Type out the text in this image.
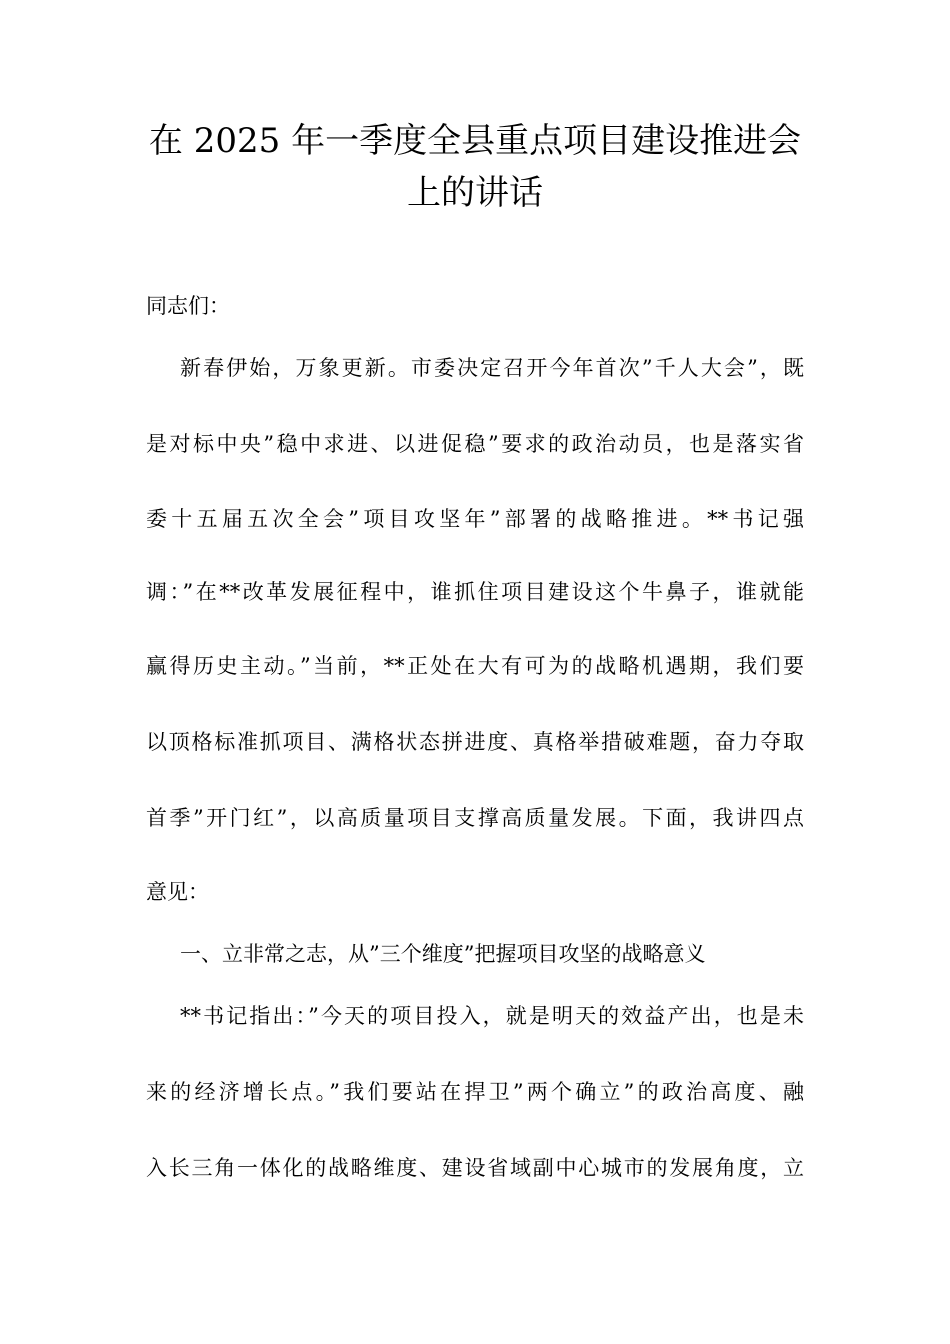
在 2025 年一季度全县重点项目建设推进会
上的讲话
同志们：
新春伊始，万象更新。市委决定召开今年首次”千人大会”，既
是对标中央”稳中求进、以进促稳”要求的政治动员，也是落实省
委十五届五次全会”项目攻坚年”部署的战略推进。**书记强
调：”在**改革发展征程中，谁抓住项目建设这个牛鼻子，谁就能
赢得历史主动。”当前，**正处在大有可为的战略机遇期，我们要
以顶格标准抓项目、满格状态拼进度、真格举措破难题，奋力夺取
首季”开门红”，以高质量项目支撑高质量发展。下面，我讲四点
意见：
一、立非常之志，从”三个维度”把握项目攻坚的战略意义
**书记指出：”今天的项目投入，就是明天的效益产出，也是未
来的经济增长点。”我们要站在捍卫”两个确立”的政治高度、融
入长三角一体化的战略维度、建设省域副中心城市的发展角度，立
